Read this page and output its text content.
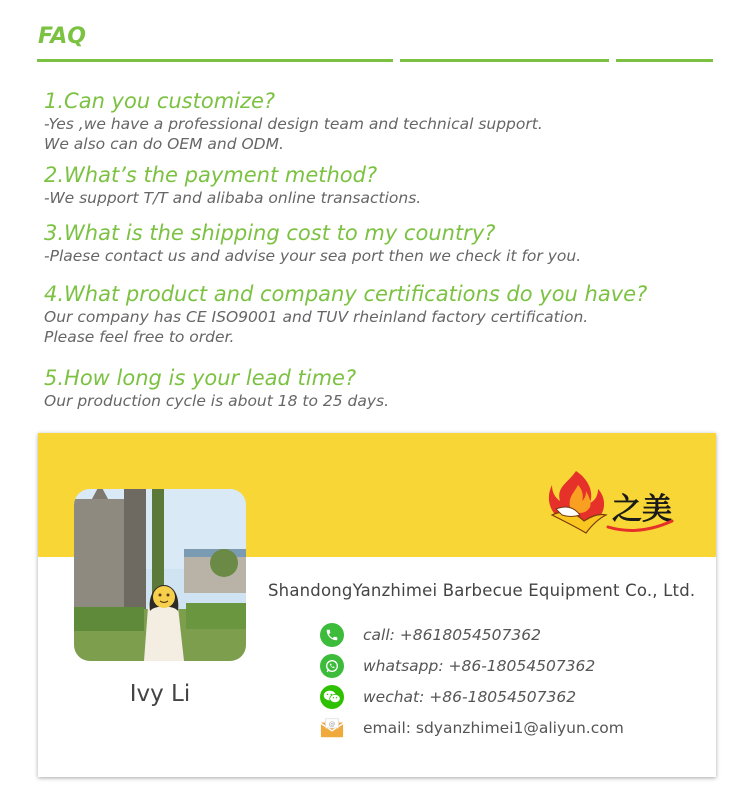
FAQ
1.Can you customize?
-Yes ,we have a professional design team and technical support.
We also can do OEM and ODM.
2.What’s the payment method?
-We support T/T and alibaba online transactions.
3.What is the shipping cost to my country?
-Plaese contact us and advise your sea port then we check it for you.
4.What product and company certifications do you have?
Our company has CE ISO9001 and TUV rheinland factory certification.
Please feel free to order.
5.How long is your lead time?
Our production cycle is about 18 to 25 days.
之美
Ivy Li
ShandongYanzhimei Barbecue Equipment Co., Ltd.
call: +8618054507362
whatsapp: +86-18054507362
wechat: +86-18054507362
@ email: sdyanzhimei1@aliyun.com
